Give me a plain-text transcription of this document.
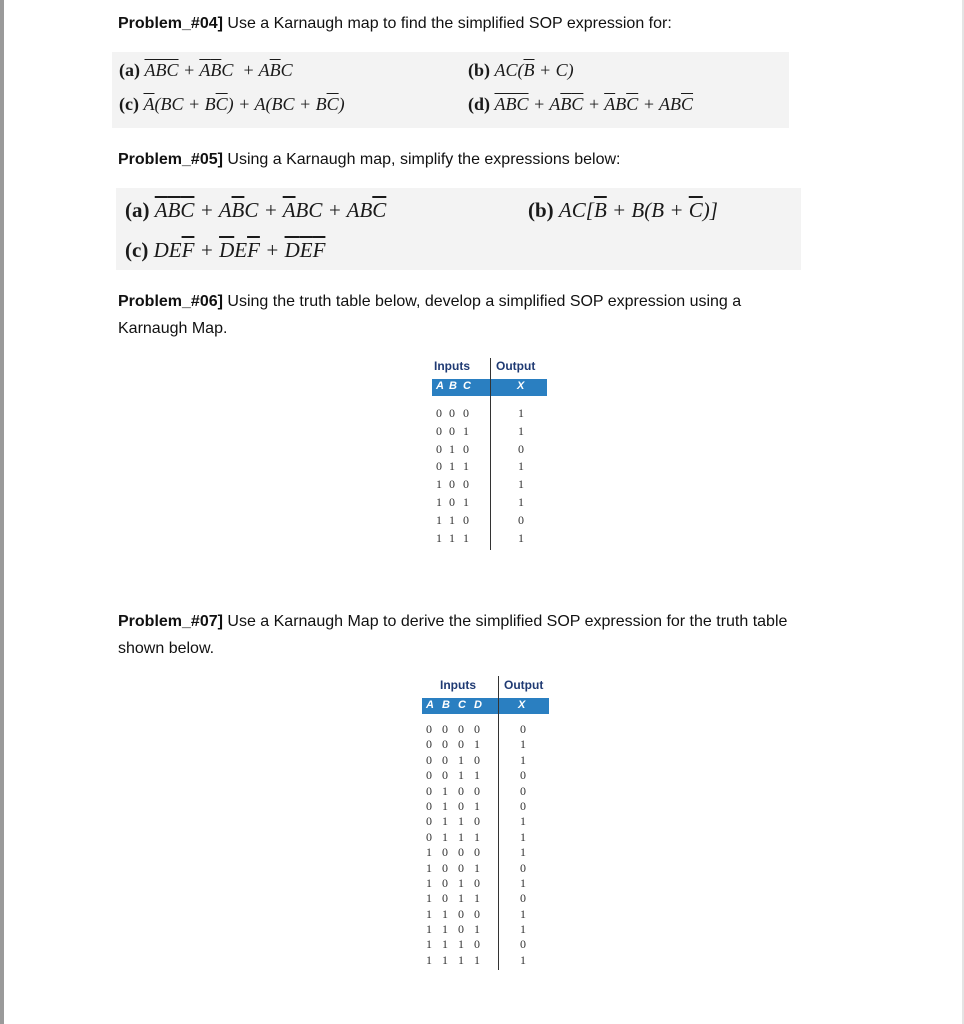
Problem_#04] Use a Karnaugh map to find the simplified SOP expression for:
(a) $\overline{A}\overline{B}\overline{C} + \overline{A}\overline{B}C + A\overline{B}C$	(b) $AC(\overline{B} + C)$
(c) $\overline{A}(BC + B\overline{C}) + A(BC + B\overline{C})$	(d) $\overline{A}\overline{B}\overline{C} + A\overline{B}\overline{C} + \overline{A}B\overline{C} + AB\overline{C}$
Problem_#05] Using a Karnaugh map, simplify the expressions below:
(a) $\overline{A}\overline{B}\overline{C} + A\overline{B}C + \overline{A}BC + AB\overline{C}$	(b) $AC[\overline{B} + B(B + \overline{C})]$
(c) $DE\overline{F} + \overline{D}E\overline{F} + \overline{D}\overline{E}\overline{F}$
Problem_#06] Using the truth table below, develop a simplified SOP expression using a
Karnaugh Map.
Inputs Output
A B C	X
0 0 0	1
0 0 1	1
0 1 0	0
0 1 1	1
1 0 0	1
1 0 1	1
1 1 0	0
1 1 1	1
Problem_#07] Use a Karnaugh Map to derive the simplified SOP expression for the truth table
shown below.
Inputs Output
A B C D	X
0 0 0 0	0
0 0 0 1	1
0 0 1 0	1
0 0 1 1	0
0 1 0 0	0
0 1 0 1	0
0 1 1 0	1
0 1 1 1	1
1 0 0 0	1
1 0 0 1	0
1 0 1 0	1
1 0 1 1	0
1 1 0 0	1
1 1 0 1	1
1 1 1 0	0
1 1 1 1	1
